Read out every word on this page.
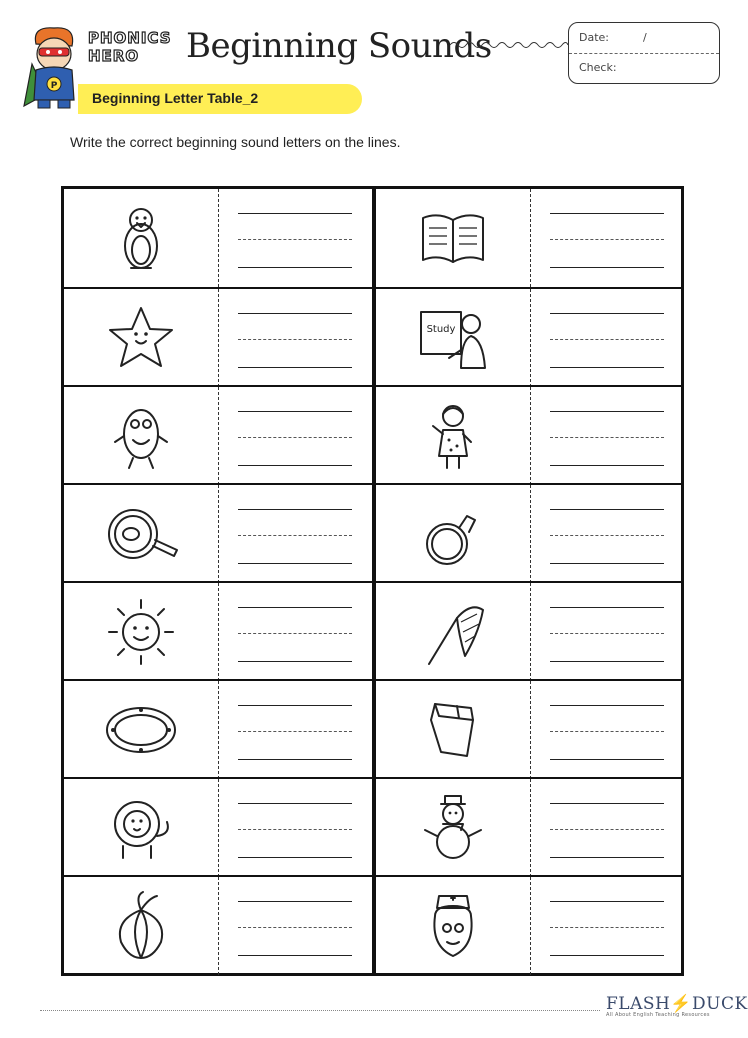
P
PHONICS
HERO Beginning Sounds	Date:	/
Check:
Beginning Letter Table_2
Write the correct beginning sound letters on the lines.
Study
FLASH⚡DUCK
All About English Teaching Resources
